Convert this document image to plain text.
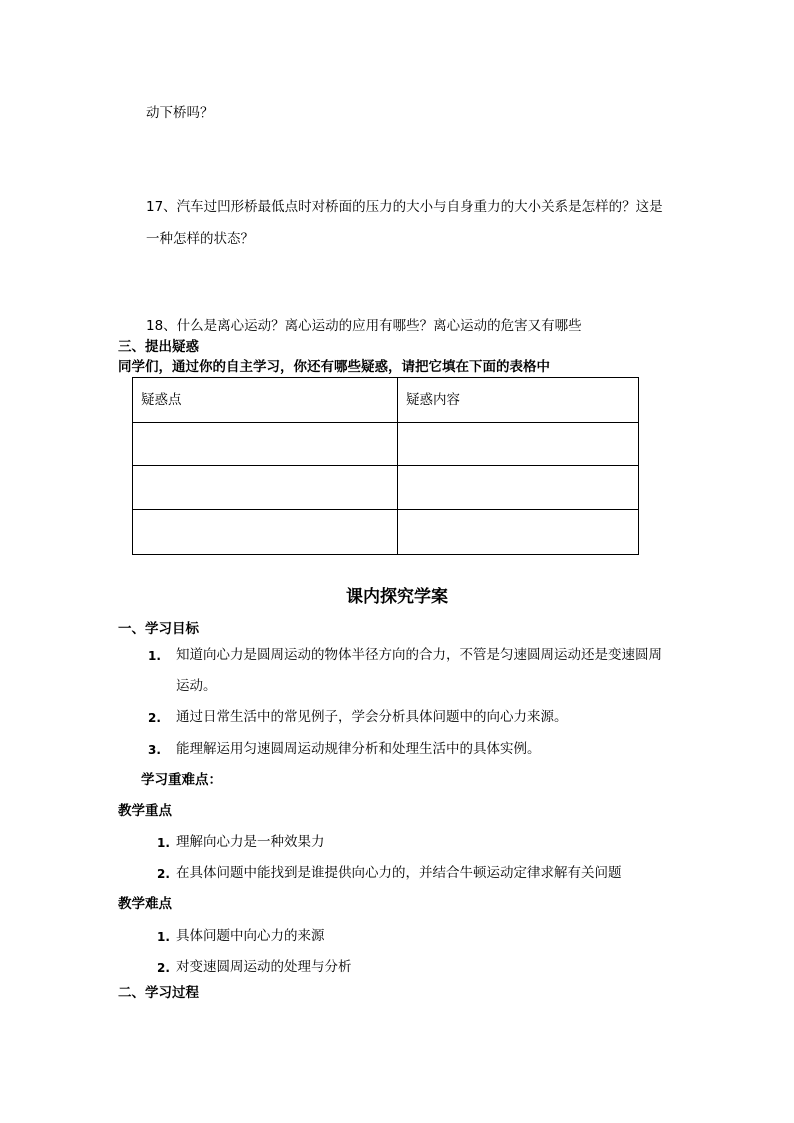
动下桥吗？
17、汽车过凹形桥最低点时对桥面的压力的大小与自身重力的大小关系是怎样的？这是
一种怎样的状态？
18、什么是离心运动？离心运动的应用有哪些？离心运动的危害又有哪些
三、提出疑惑
同学们，通过你的自主学习，你还有哪些疑惑，请把它填在下面的表格中
疑惑点	疑惑内容

课内探究学案
一、学习目标
1. 知道向心力是圆周运动的物体半径方向的合力，不管是匀速圆周运动还是变速圆周
运动。
2. 通过日常生活中的常见例子，学会分析具体问题中的向心力来源。
3. 能理解运用匀速圆周运动规律分析和处理生活中的具体实例。
学习重难点：
教学重点
1. 理解向心力是一种效果力
2. 在具体问题中能找到是谁提供向心力的，并结合牛顿运动定律求解有关问题
教学难点
1. 具体问题中向心力的来源
2. 对变速圆周运动的处理与分析
二、学习过程
